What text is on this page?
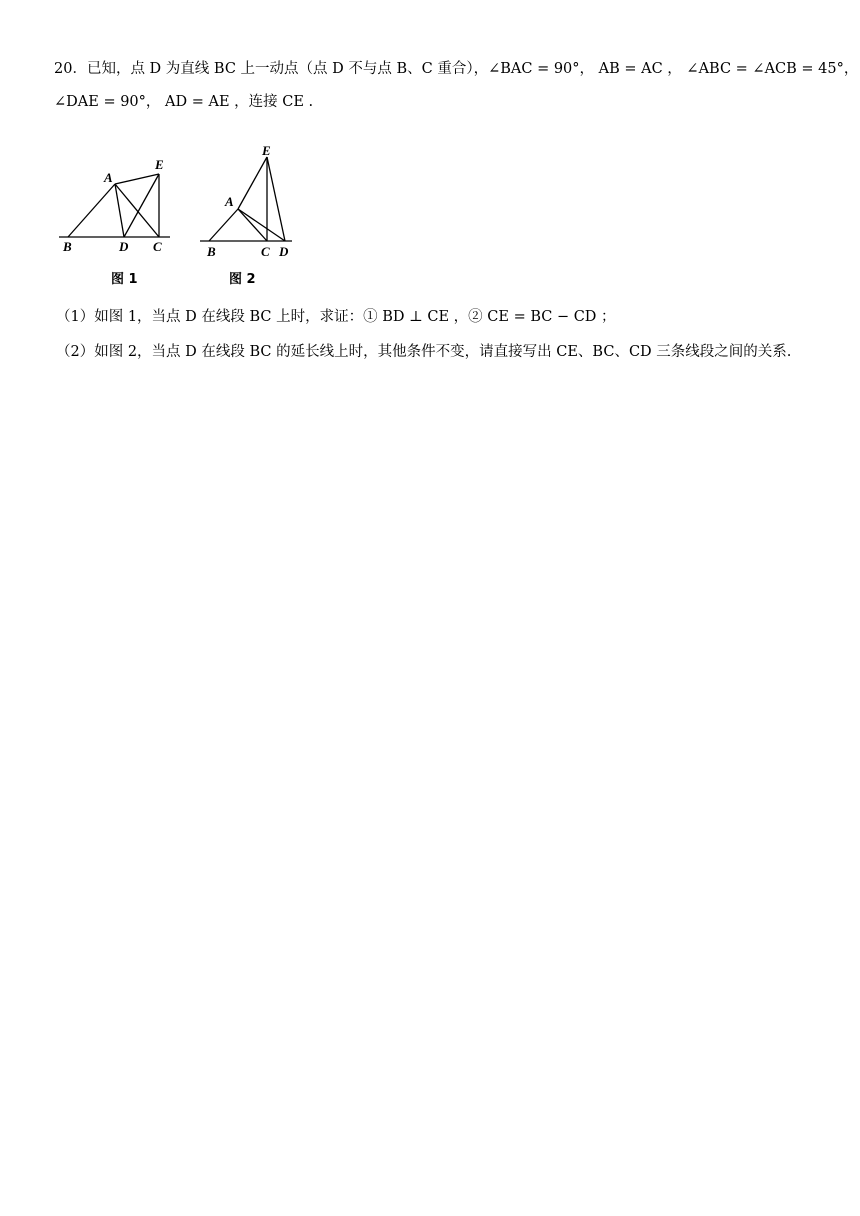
20．已知，点 D 为直线 BC 上一动点（点 D 不与点 B、C 重合），∠BAC = 90°， AB = AC ， ∠ABC = ∠ACB = 45°，
∠DAE = 90°， AD = AE ，连接 CE .
A
E
B	D C
图 1
A
E
B	C D
图 2
（1）如图 1，当点 D 在线段 BC 上时，求证：① BD ⊥ CE ，② CE = BC − CD ；
（2）如图 2，当点 D 在线段 BC 的延长线上时，其他条件不变，请直接写出 CE、BC、CD 三条线段之间的关系.
